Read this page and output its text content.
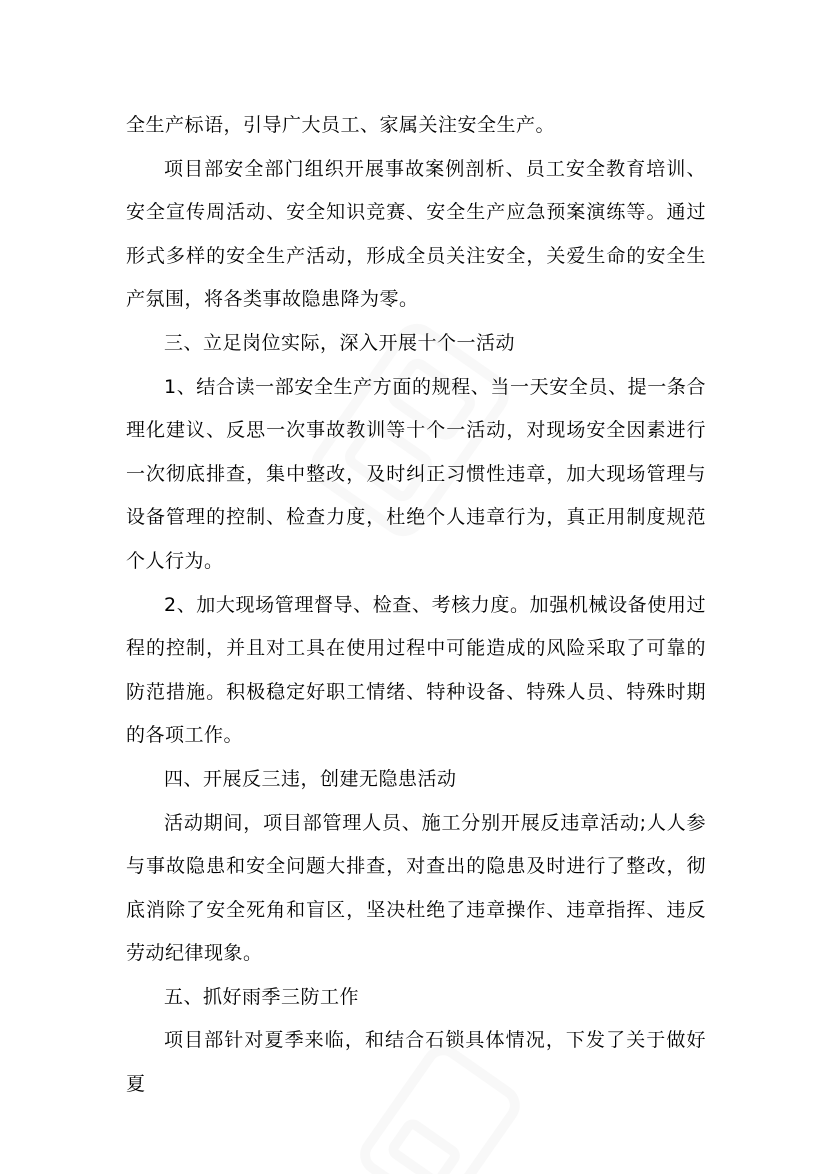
全生产标语，引导广大员工、家属关注安全生产。

项目部安全部门组织开展事故案例剖析、员工安全教育培训、安全宣传周活动、安全知识竞赛、安全生产应急预案演练等。通过形式多样的安全生产活动，形成全员关注安全，关爱生命的安全生产氛围，将各类事故隐患降为零。

三、立足岗位实际，深入开展十个一活动

1、结合读一部安全生产方面的规程、当一天安全员、提一条合理化建议、反思一次事故教训等十个一活动，对现场安全因素进行一次彻底排查，集中整改，及时纠正习惯性违章，加大现场管理与设备管理的控制、检查力度，杜绝个人违章行为，真正用制度规范个人行为。

2、加大现场管理督导、检查、考核力度。加强机械设备使用过程的控制，并且对工具在使用过程中可能造成的风险采取了可靠的防范措施。积极稳定好职工情绪、特种设备、特殊人员、特殊时期的各项工作。

四、开展反三违，创建无隐患活动

活动期间，项目部管理人员、施工分别开展反违章活动;人人参与事故隐患和安全问题大排查，对查出的隐患及时进行了整改，彻底消除了安全死角和盲区，坚决杜绝了违章操作、违章指挥、违反劳动纪律现象。

五、抓好雨季三防工作

项目部针对夏季来临，和结合石锁具体情况，下发了关于做好夏
